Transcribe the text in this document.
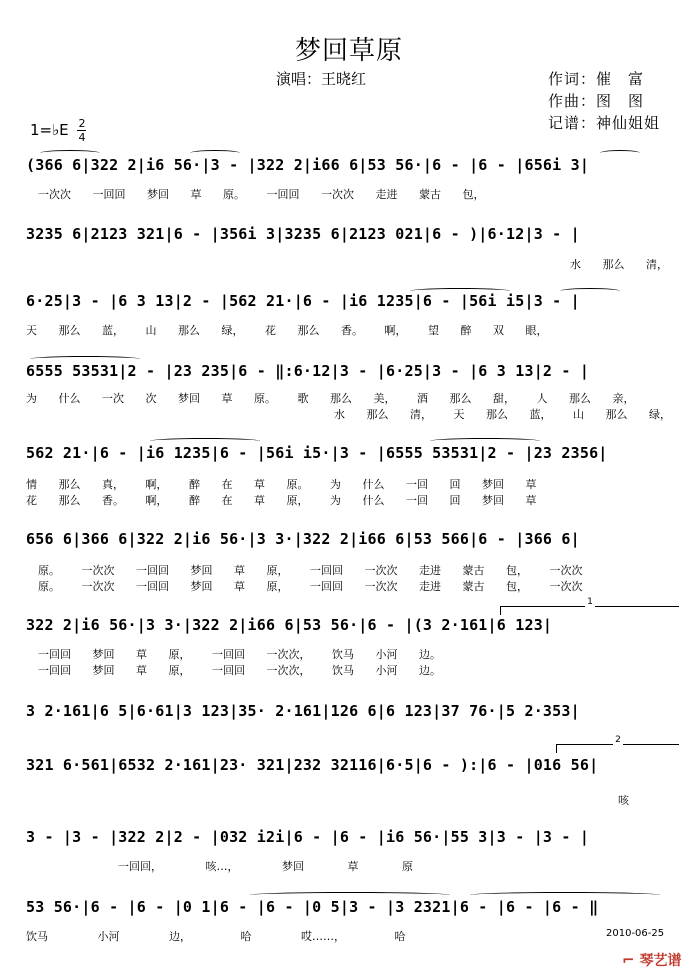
梦回草原
演唱：王晓红	作词：催　富
作曲：图　图
记谱：神仙姐姐
1=♭E $\frac{2}{4}$
(366 6|322 2|i6 56·|3 - |322 2|i66 6|53 56·|6 - |6 - |656i 3|
一次次 一回回 梦回 草 原。 一回回 一次次 走进 蒙古 包，
3235 6|2123 321|6 - |356i 3|3235 6|2123 021|6 - )|6·12|3 - |
水 那么 清，
6·25|3 - |6 3 13|2 - |562 21·|6 - |i6 1235|6 - |56i i5|3 - |
天 那么 蓝， 山 那么 绿， 花 那么 香。 啊， 望 醉 双 眼，
6555 53531|2 - |23 235|6 - ‖:6·12|3 - |6·25|3 - |6 3 13|2 - |
为 什么 一次 次 梦回 草 原。 歌 那么 美， 酒 那么 甜， 人 那么 亲，
水 那么 清， 天 那么 蓝， 山 那么 绿，
562 21·|6 - |i6 1235|6 - |56i i5·|3 - |6555 53531|2 - |23 2356|
情 那么 真， 啊， 醉 在 草 原。 为 什么 一回 回 梦回 草
花 那么 香。 啊， 醉 在 草 原， 为 什么 一回 回 梦回 草
656 6|366 6|322 2|i6 56·|3 3·|322 2|i66 6|53 566|6 - |366 6|
原。 一次次 一回回 梦回 草 原， 一回回 一次次 走进 蒙古 包， 一次次
原。 一次次 一回回 梦回 草 原， 一回回 一次次 走进 蒙古 包， 一次次
1
322 2|i6 56·|3 3·|322 2|i66 6|53 56·|6 - |(3 2·161|6 123|
一回回 梦回 草 原， 一回回 一次次， 饮马 小河 边。
一回回 梦回 草 原， 一回回 一次次， 饮马 小河 边。
3 2·161|6 5|6·61|3 123|35· 2·161|126 6|6 123|37 76·|5 2·353|
2
321 6·561|6532 2·161|23· 321|232 32116|6·5|6 - ):|6 - |016 56|
咳
3 - |3 - |322 2|2 - |032 i2i|6 - |6 - |i6 56·|55 3|3 - |3 - |
一回回， 咳…， 梦回 草 原
53 56·|6 - |6 - |0 1|6 - |6 - |0 5|3 - |3 2321|6 - |6 - |6 - ‖
饮马 小河 边， 哈 哎……， 哈	2010-06-25
⌐ 琴艺谱
